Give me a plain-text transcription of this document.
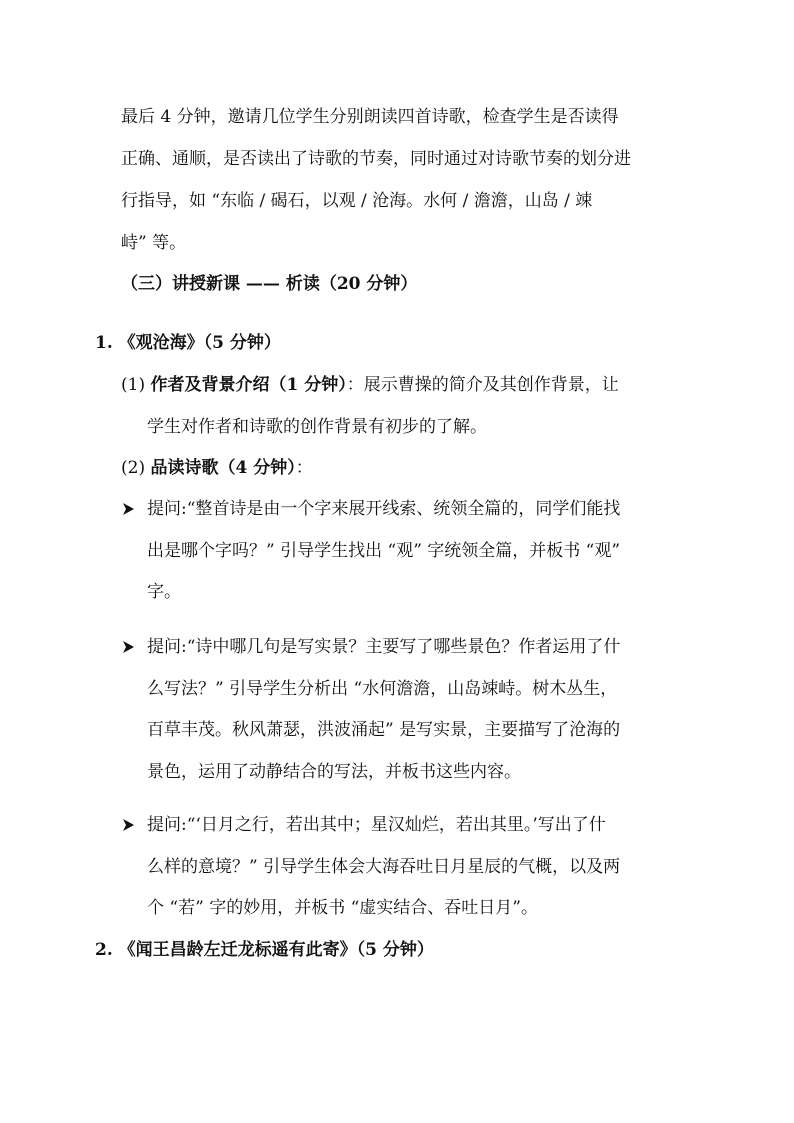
最后 4 分钟，邀请几位学生分别朗读四首诗歌，检查学生是否读得
正确、通顺，是否读出了诗歌的节奏，同时通过对诗歌节奏的划分进
行指导，如 “东临 / 碣石，以观 / 沧海。水何 / 澹澹，山岛 / 竦
峙” 等。
（三）讲授新课 —— 析读（20 分钟）
1. 《观沧海》（5 分钟）
(1) 作者及背景介绍（1 分钟）：展示曹操的简介及其创作背景，让
学生对作者和诗歌的创作背景有初步的了解。
(2) 品读诗歌（4 分钟）：
提问:“整首诗是由一个字来展开线索、统领全篇的，同学们能找
出是哪个字吗？” 引导学生找出 “观” 字统领全篇，并板书 “观”
字。
提问:“诗中哪几句是写实景？主要写了哪些景色？作者运用了什
么写法？” 引导学生分析出 “水何澹澹，山岛竦峙。树木丛生，
百草丰茂。秋风萧瑟，洪波涌起” 是写实景，主要描写了沧海的
景色，运用了动静结合的写法，并板书这些内容。
提问:“‘日月之行，若出其中；星汉灿烂，若出其里。’写出了什
么样的意境？” 引导学生体会大海吞吐日月星辰的气概，以及两
个 “若” 字的妙用，并板书 “虚实结合、吞吐日月”。
2. 《闻王昌龄左迁龙标遥有此寄》（5 分钟）
